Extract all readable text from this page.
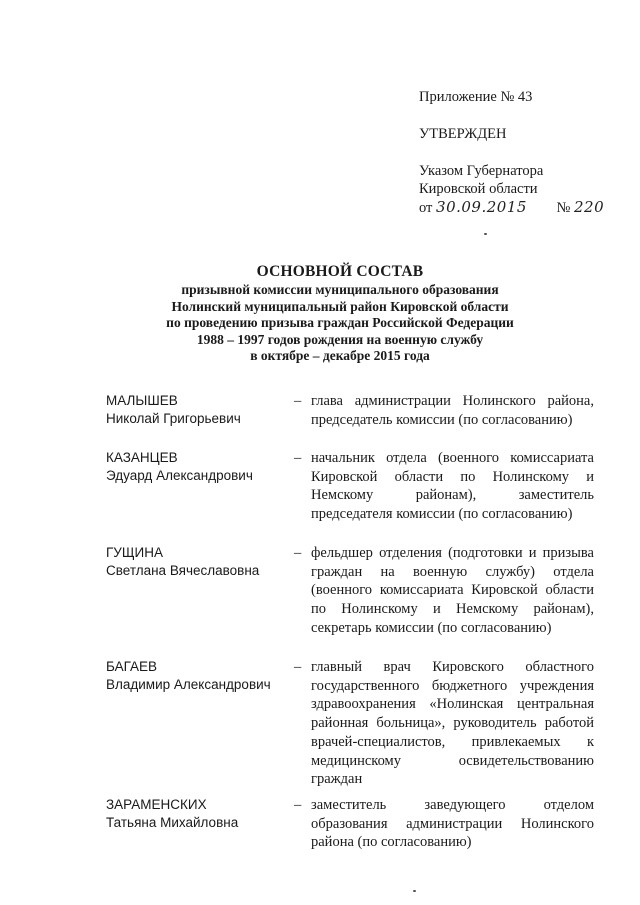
Приложение № 43
УТВЕРЖДЕН
Указом Губернатора
Кировской области
от 30.09.2015 № 220
ОСНОВНОЙ СОСТАВ
призывной комиссии муниципального образования
Нолинский муниципальный район Кировской области
по проведению призыва граждан Российской Федерации
1988 – 1997 годов рождения на военную службу
в октябре – декабре 2015 года
МАЛЫШЕВ
Николай Григорьевич
– глава администрации Нолинского района, председатель комиссии (по согласованию)
КАЗАНЦЕВ
Эдуард Александрович
– начальник отдела (военного комиссариата Кировской области по Нолинскому и Немскому районам), заместитель председателя комиссии (по согласованию)
ГУЩИНА
Светлана Вячеславовна
– фельдшер отделения (подготовки и призыва граждан на военную службу) отдела (военного комиссариата Кировской области по Нолинскому и Немскому районам), секретарь комиссии (по согласованию)
БАГАЕВ
Владимир Александрович
– главный врач Кировского областного государственного бюджетного учреждения здравоохранения «Нолинская центральная районная больница», руководитель работой врачей-специалистов, привлекаемых к медицинскому освидетельствованию граждан
ЗАРАМЕНСКИХ
Татьяна Михайловна
– заместитель заведующего отделом образования администрации Нолинского района (по согласованию)
